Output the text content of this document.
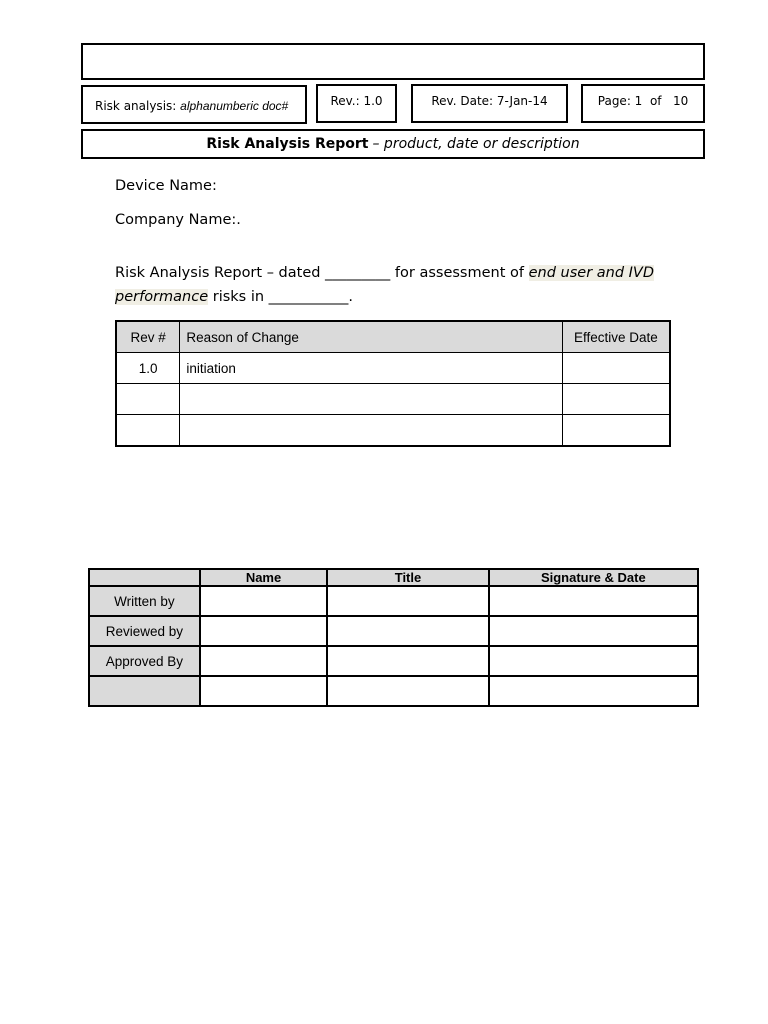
Risk analysis: alphanumberic doc#	Rev.: 1.0	Rev. Date: 7-Jan-14	Page: 1  of   10
Risk Analysis Report – product, date or description
Device Name:
Company Name:.
Risk Analysis Report – dated _________ for assessment of end user and IVD
performance risks in ___________.
Rev #	Reason of Change	Effective Date
1.0	initiation	

	Name	Title	Signature & Date
Written by			
Reviewed by			
Approved By			
